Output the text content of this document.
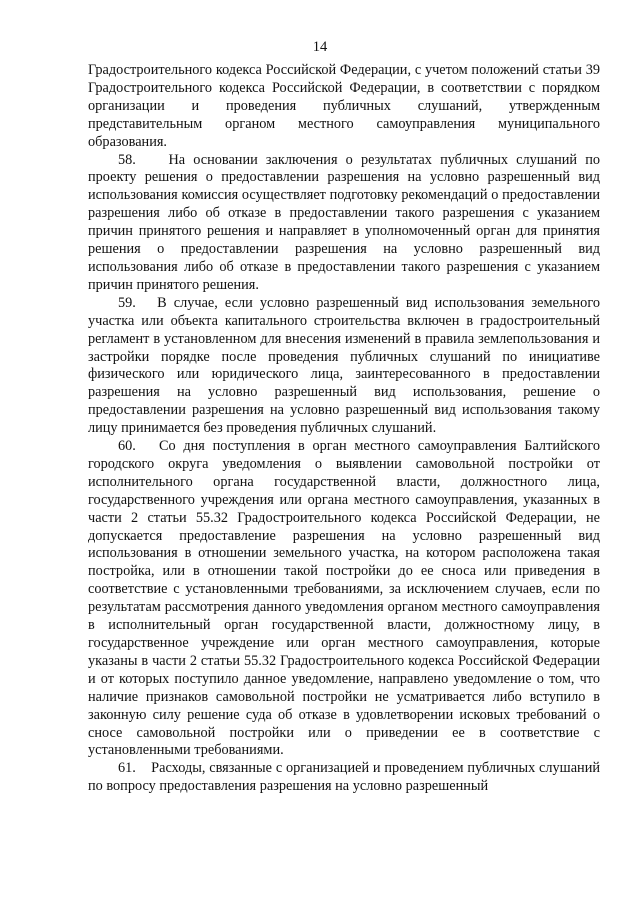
14

Градостроительного кодекса Российской Федерации, с учетом положений статьи 39 Градостроительного кодекса Российской Федерации, в соответствии с порядком организации и проведения публичных слушаний, утвержденным представительным органом местного самоуправления муниципального образования.

58.    На основании заключения о результатах публичных слушаний по проекту решения о предоставлении разрешения на условно разрешенный вид использования комиссия осуществляет подготовку рекомендаций о предоставлении разрешения либо об отказе в предоставлении такого разрешения с указанием причин принятого решения и направляет в уполномоченный орган для принятия решения о предоставлении разрешения на условно разрешенный вид использования либо об отказе в предоставлении такого разрешения с указанием причин принятого решения.

59.   В случае, если условно разрешенный вид использования земельного участка или объекта капитального строительства включен в градостроительный регламент в установленном для внесения изменений в правила землепользования и застройки порядке после проведения публичных слушаний по инициативе физического или юридического лица, заинтересованного в предоставлении разрешения на условно разрешенный вид использования, решение о предоставлении разрешения на условно разрешенный вид использования такому лицу принимается без проведения публичных слушаний.

60.   Со дня поступления в орган местного самоуправления Балтийского городского округа уведомления о выявлении самовольной постройки от исполнительного органа государственной власти, должностного лица, государственного учреждения или органа местного самоуправления, указанных в части 2 статьи 55.32 Градостроительного кодекса Российской Федерации, не допускается предоставление разрешения на условно разрешенный вид использования в отношении земельного участка, на котором расположена такая постройка, или в отношении такой постройки до ее сноса или приведения в соответствие с установленными требованиями, за исключением случаев, если по результатам рассмотрения данного уведомления органом местного самоуправления в исполнительный орган государственной власти, должностному лицу, в государственное учреждение или орган местного самоуправления, которые указаны в части 2 статьи 55.32 Градостроительного кодекса Российской Федерации и от которых поступило данное уведомление, направлено уведомление о том, что наличие признаков самовольной постройки не усматривается либо вступило в законную силу решение суда об отказе в удовлетворении исковых требований о сносе самовольной постройки или о приведении ее в соответствие с установленными требованиями.

61.    Расходы, связанные с организацией и проведением публичных слушаний по вопросу предоставления разрешения на условно разрешенный
